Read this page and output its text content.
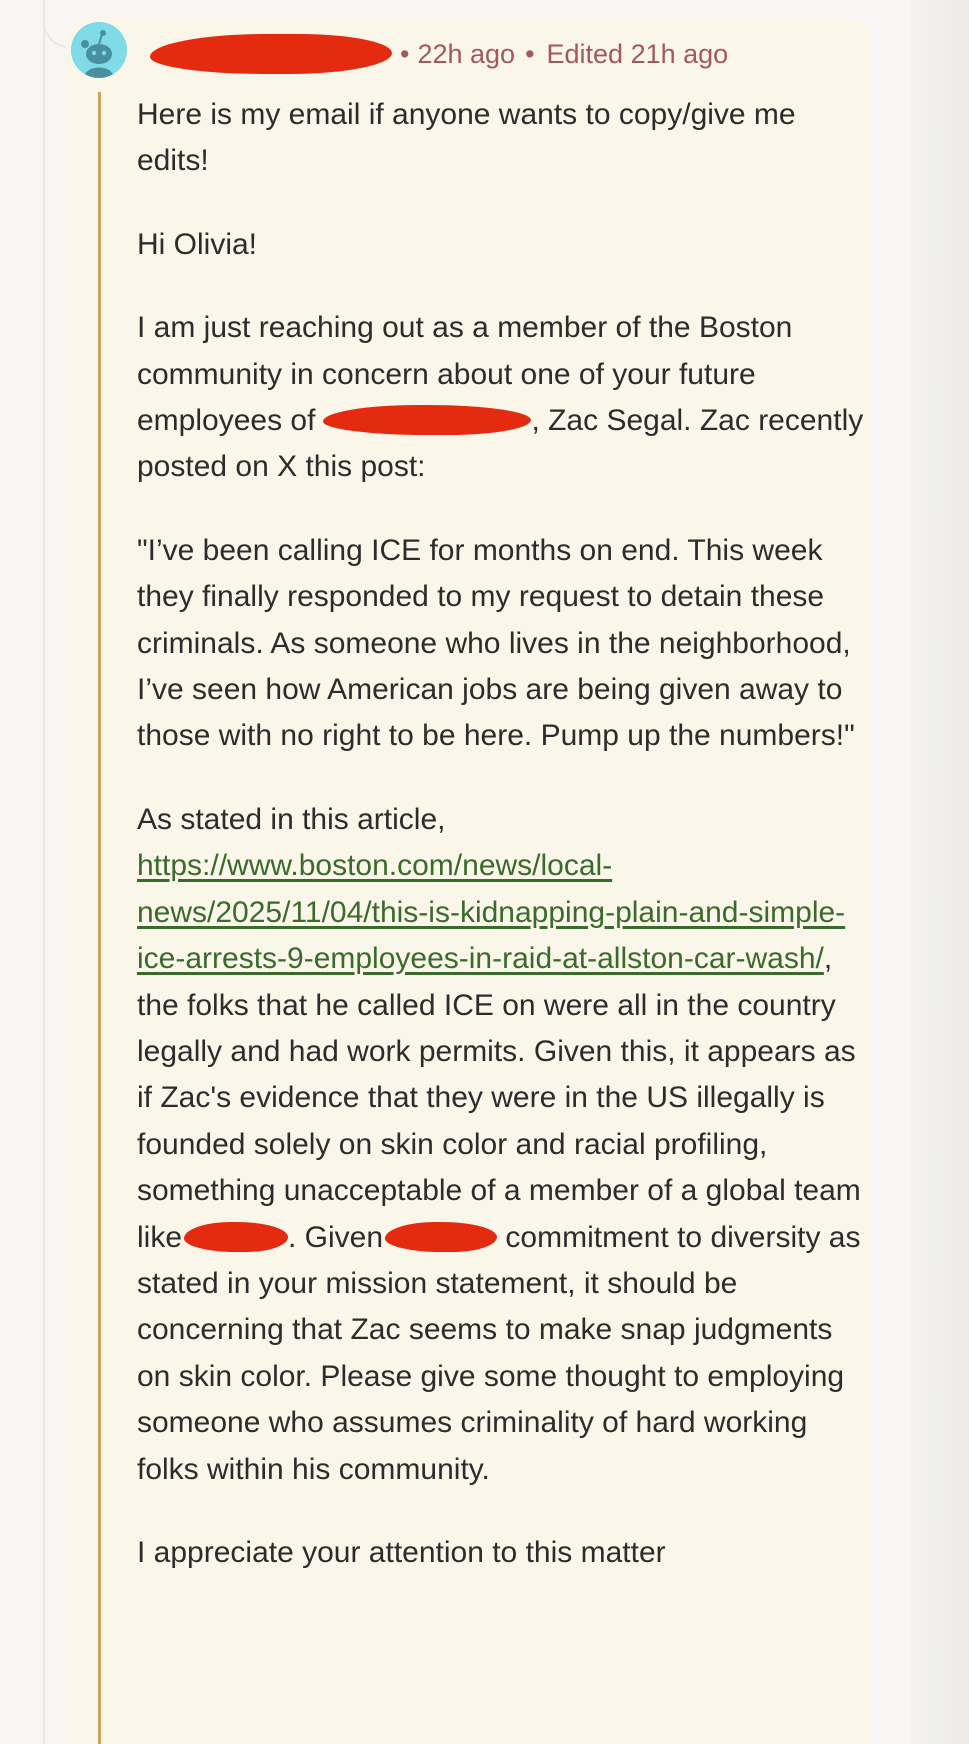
• 22h ago • Edited 21h ago

Here is my email if anyone wants to copy/give me edits!

Hi Olivia!

I am just reaching out as a member of the Boston community in concern about one of your future employees of	, Zac Segal. Zac recently posted on X this post:

"I’ve been calling ICE for months on end. This week they finally responded to my request to detain these criminals. As someone who lives in the neighborhood, I’ve seen how American jobs are being given away to those with no right to be here. Pump up the numbers!"

As stated in this article, https://www.boston.com/news/local-news/2025/11/04/this-is-kidnapping-plain-and-simple-ice-arrests-9-employees-in-raid-at-allston-car-wash/, the folks that he called ICE on were all in the country legally and had work permits. Given this, it appears as if Zac's evidence that they were in the US illegally is founded solely on skin color and racial profiling, something unacceptable of a member of a global team like	. Given	commitment to diversity as stated in your mission statement, it should be concerning that Zac seems to make snap judgments on skin color. Please give some thought to employing someone who assumes criminality of hard working folks within his community.

I appreciate your attention to this matter
